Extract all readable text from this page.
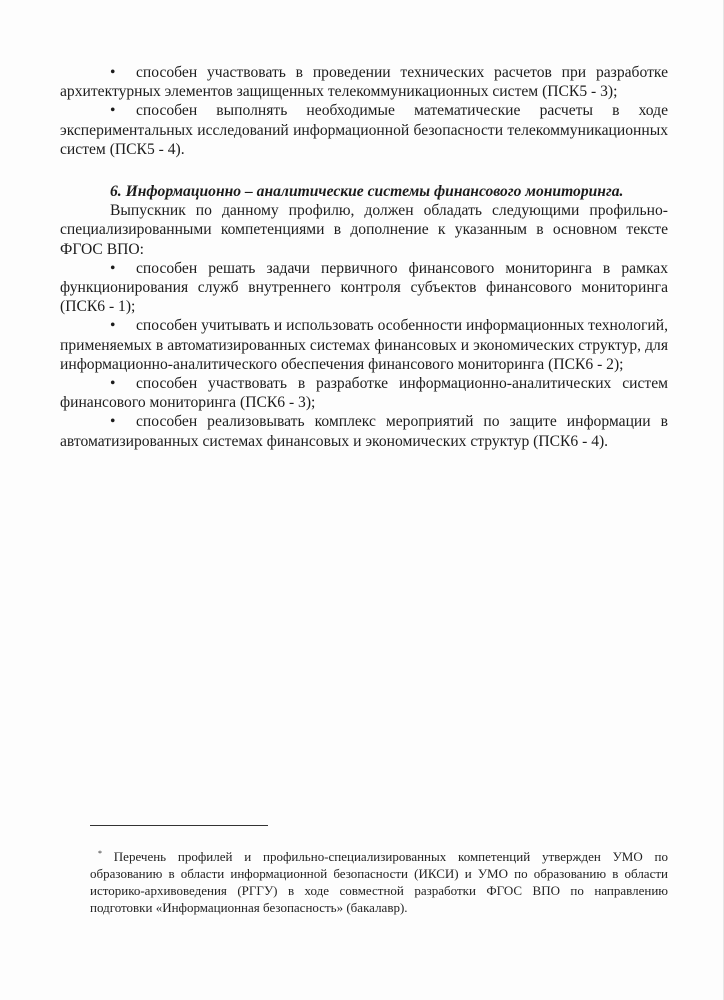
• способен участвовать в проведении технических расчетов при разработке архитектурных элементов защищенных телекоммуникационных систем (ПСК5 - 3);

• способен выполнять необходимые математические расчеты в ходе экспериментальных исследований информационной безопасности телекоммуникационных систем (ПСК5 - 4).

6. Информационно – аналитические системы финансового мониторинга.

Выпускник по данному профилю, должен обладать следующими профильно-специализированными компетенциями в дополнение к указанным в основном тексте ФГОС ВПО:

• способен решать задачи первичного финансового мониторинга в рамках функционирования служб внутреннего контроля субъектов финансового мониторинга (ПСК6 - 1);

• способен учитывать и использовать особенности информационных технологий, применяемых в автоматизированных системах финансовых и экономических структур, для информационно-аналитического обеспечения финансового мониторинга (ПСК6 - 2);

• способен участвовать в разработке информационно-аналитических систем финансового мониторинга (ПСК6 - 3);

• способен реализовывать комплекс мероприятий по защите информации в автоматизированных системах финансовых и экономических структур (ПСК6 - 4).

* Перечень профилей и профильно-специализированных компетенций утвержден УМО по образованию в области информационной безопасности (ИКСИ) и УМО по образованию в области историко-архивоведения (РГГУ) в ходе совместной разработки ФГОС ВПО по направлению подготовки «Информационная безопасность» (бакалавр).
